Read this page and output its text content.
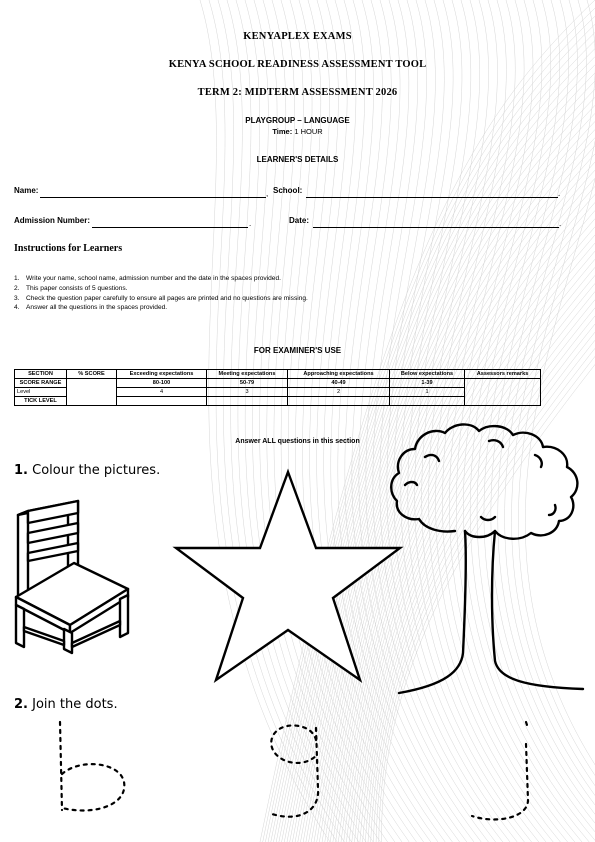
KENYAPLEX EXAMS
KENYA SCHOOL READINESS ASSESSMENT TOOL
TERM 2: MIDTERM ASSESSMENT 2026
PLAYGROUP – LANGUAGE
Time: 1 HOUR
LEARNER'S DETAILS
Name:	, School:	.
Admission Number:	.	Date:	.
Instructions for Learners
1. Write your name, school name, admission number and the date in the spaces provided.
2. This paper consists of 5 questions.
3. Check the question paper carefully to ensure all pages are printed and no questions are missing.
4. Answer all the questions in the spaces provided.
FOR EXAMINER'S USE
SECTION	% SCORE	Exceeding expectations	Meeting expectations	Approaching expectations	Below expectations	Assessors remarks
SCORE RANGE		80-100	50-79	40-49	1-39	
Level		4	3	2	1	
TICK LEVEL						
Answer ALL questions in this section
1. Colour the pictures.
2. Join the dots.
